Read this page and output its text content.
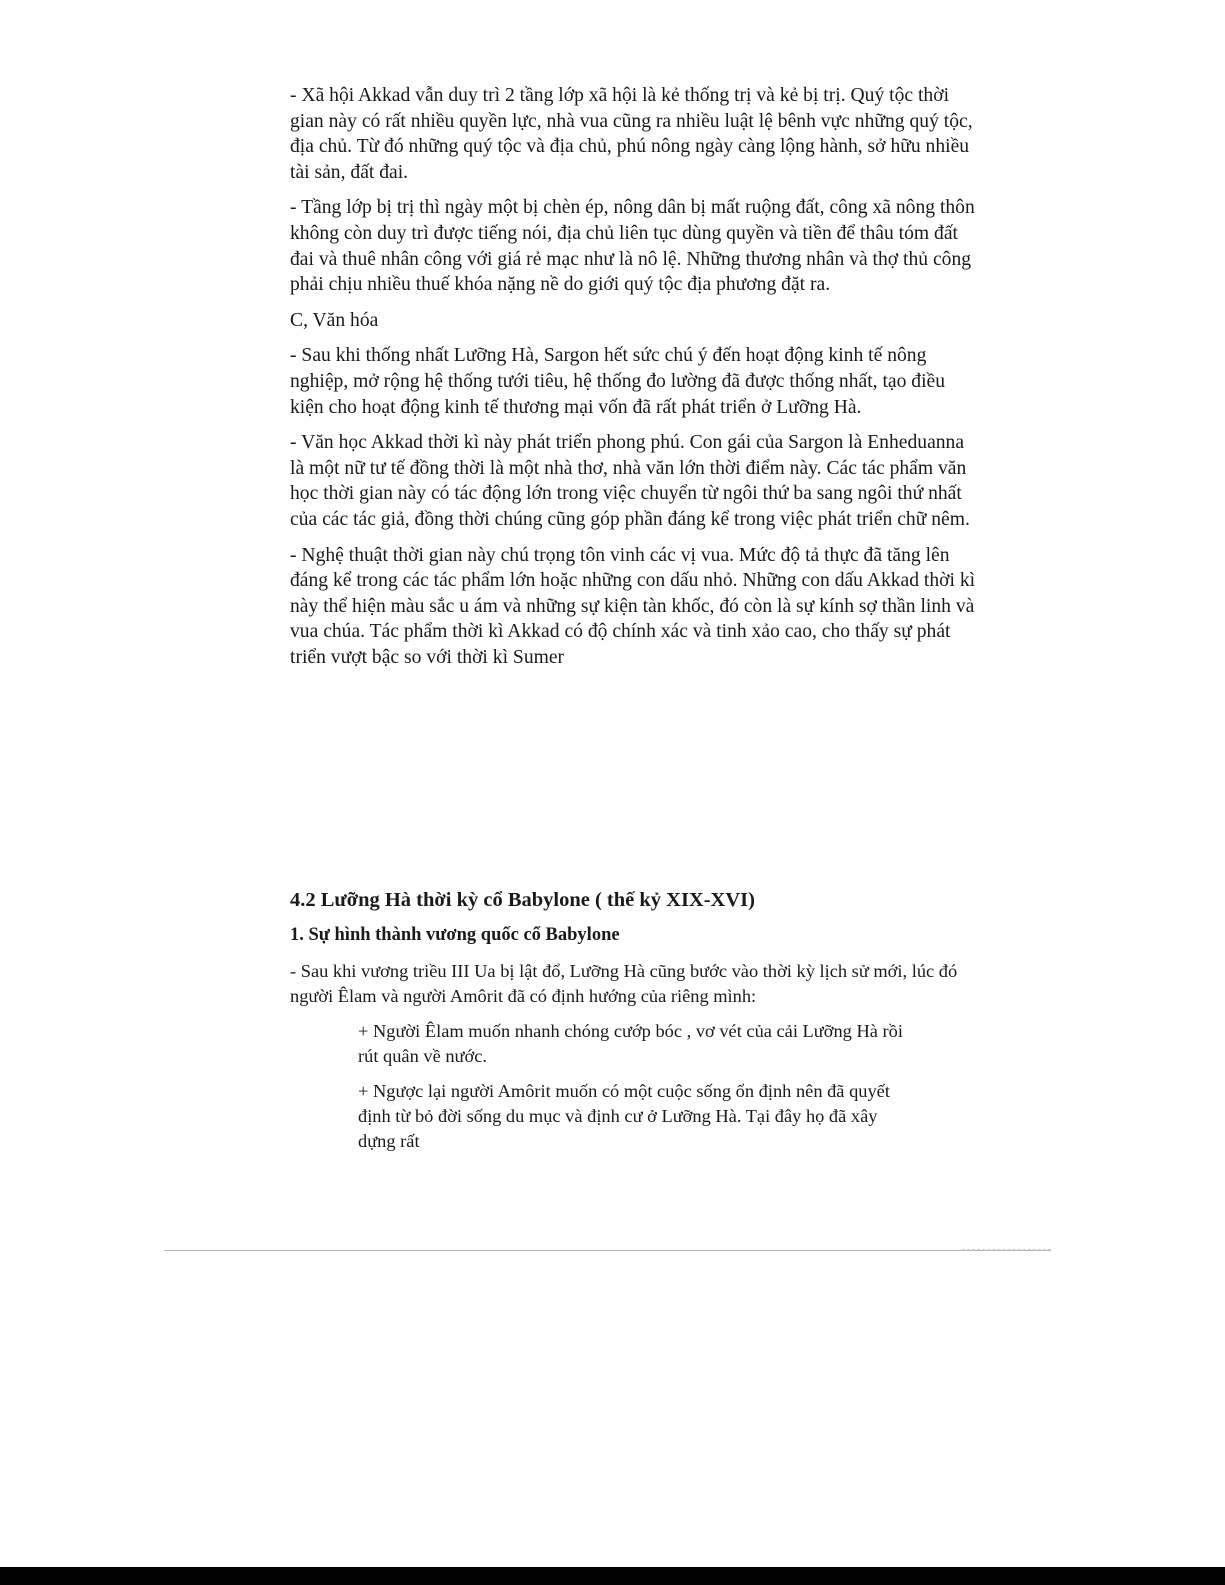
- Xã hội Akkad vẫn duy trì 2 tầng lớp xã hội là kẻ thống trị và kẻ bị trị. Quý tộc thời gian này có rất nhiều quyền lực, nhà vua cũng ra nhiều luật lệ bênh vực những quý tộc, địa chủ. Từ đó những quý tộc và địa chủ, phú nông ngày càng lộng hành, sở hữu nhiều tài sản, đất đai.

- Tầng lớp bị trị thì ngày một bị chèn ép, nông dân bị mất ruộng đất, công xã nông thôn không còn duy trì được tiếng nói, địa chủ liên tục dùng quyền và tiền để thâu tóm đất đai và thuê nhân công với giá rẻ mạc như là nô lệ. Những thương nhân và thợ thủ công phải chịu nhiều thuế khóa nặng nề do giới quý tộc địa phương đặt ra.

C, Văn hóa

- Sau khi thống nhất Lưỡng Hà, Sargon hết sức chú ý đến hoạt động kinh tế nông nghiệp, mở rộng hệ thống tưới tiêu, hệ thống đo lường đã được thống nhất, tạo điều kiện cho hoạt động kinh tế thương mại vốn đã rất phát triển ở Lưỡng Hà.

- Văn học Akkad thời kì này phát triển phong phú. Con gái của Sargon là Enheduanna là một nữ tư tế đồng thời là một nhà thơ, nhà văn lớn thời điểm này. Các tác phẩm văn học thời gian này có tác động lớn trong việc chuyển từ ngôi thứ ba sang ngôi thứ nhất của các tác giả, đồng thời chúng cũng góp phần đáng kể trong việc phát triển chữ nêm.

- Nghệ thuật thời gian này chú trọng tôn vinh các vị vua. Mức độ tả thực đã tăng lên đáng kể trong các tác phẩm lớn hoặc những con dấu nhỏ. Những con dấu Akkad thời kì này thể hiện màu sắc u ám và những sự kiện tàn khốc, đó còn là sự kính sợ thần linh và vua chúa. Tác phẩm thời kì Akkad có độ chính xác và tinh xảo cao, cho thấy sự phát triển vượt bậc so với thời kì Sumer

4.2 Lưỡng Hà thời kỳ cổ Babylone ( thế kỷ XIX-XVI)

1. Sự hình thành vương quốc cổ Babylone

- Sau khi vương triều III Ua bị lật đổ, Lưỡng Hà cũng bước vào thời kỳ lịch sử mới, lúc đó người Êlam và người Amôrit đã có định hướng của riêng mình:

+ Người Êlam muốn nhanh chóng cướp bóc , vơ vét của cải Lưỡng Hà rồi rút quân về nước.

+ Ngược lại người Amôrit muốn có một cuộc sống ổn định nên đã quyết định từ bỏ đời sống du mục và định cư ở Lưỡng Hà. Tại đây họ đã xây dựng rất
